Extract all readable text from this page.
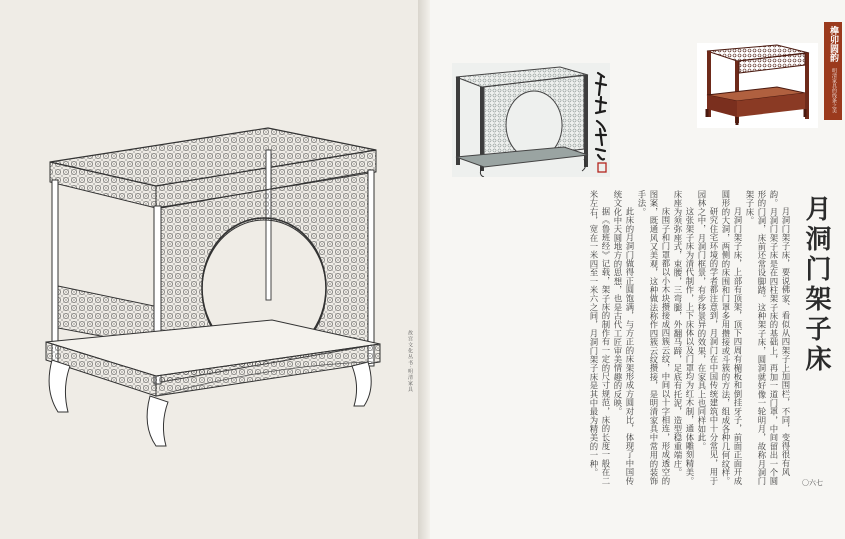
故宫文化丛书·明清家具
榫卯圆韵
明清家具的线条之美
月洞门架子床

月洞门架子床，要说佛家、看似从四架子上加围栏，不同，变得很有风韵。月洞门架子床是在四柱架子床的基础上，再加一道门罩，中间留出一个圆形的门洞，床前还常设脚踏。这种架子床，圆洞就好像一轮明月，故称月洞门架子床。

月洞门架子床，上部有顶架，顶下四周有楣板和倒挂牙子，前面正面开成圆形的大洞，两侧的床围和门罩多用攒接或斗簇的方法，组成各种几何纹样。

研究住宅环境的学者都注意到，月洞门在中国传统建筑中十分常见，用于园林之中，月洞门框景，有步移景异的效果，在家具上也同样如此。

这张架子床为清代制作，上下床体以及门罩均为红木制，通体雕刻精美。床座为须弥座式，束腰，三弯腿，外翻马蹄，足底有托泥，造型稳重端庄。

床围子和门罩都以小木块攒接成四簇云纹，中间以十字相连，形成透空的图案，既通风又美观，这种做法称作四簇云纹攒接，是明清家具中常用的装饰手法。

此床的月洞门做得正圆饱满，与方正的床架形成方圆对比，体现了中国传统文化中天圆地方的思想，也是古代工匠审美情趣的反映。

据《鲁班经》记载，架子床的制作有一定的尺寸规范，床的长度一般在二米左右，宽在一米四至一米六之间，月洞门架子床是其中最为精美的一种。

〇六七
